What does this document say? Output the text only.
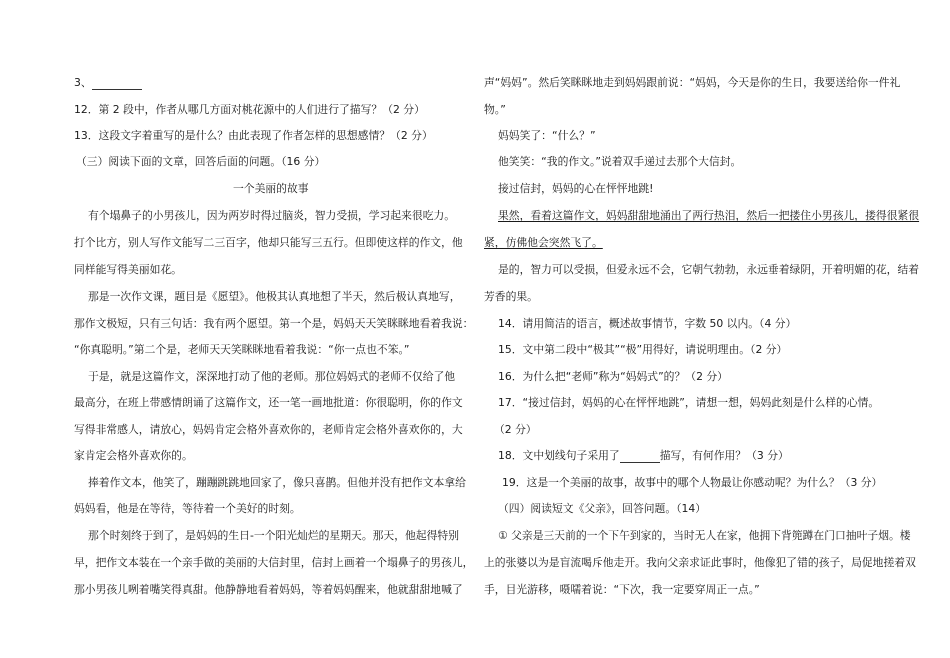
3、
12．第 2 段中，作者从哪几方面对桃花源中的人们进行了描写？（2 分）
13．这段文字着重写的是什么？由此表现了作者怎样的思想感情？（2 分）
（三）阅读下面的文章，回答后面的问题。（16 分）
一个美丽的故事
有个塌鼻子的小男孩儿，因为两岁时得过脑炎，智力受损，学习起来很吃力。
打个比方，别人写作文能写二三百字，他却只能写三五行。但即使这样的作文，他
同样能写得美丽如花。
那是一次作文课，题目是《愿望》。他极其认真地想了半天，然后极认真地写，
那作文极短，只有三句话：我有两个愿望。第一个是，妈妈天天笑眯眯地看着我说：
“你真聪明。”第二个是，老师天天笑眯眯地看着我说：“你一点也不笨。”
于是，就是这篇作文，深深地打动了他的老师。那位妈妈式的老师不仅给了他
最高分，在班上带感情朗诵了这篇作文，还一笔一画地批道：你很聪明，你的作文
写得非常感人，请放心，妈妈肯定会格外喜欢你的，老师肯定会格外喜欢你的，大
家肯定会格外喜欢你的。
捧着作文本，他笑了，蹦蹦跳跳地回家了，像只喜鹊。但他并没有把作文本拿给
妈妈看，他是在等待，等待着一个美好的时刻。
那个时刻终于到了，是妈妈的生日-一个阳光灿烂的星期天。那天，他起得特别
早，把作文本装在一个亲手做的美丽的大信封里，信封上画着一个塌鼻子的男孩儿，
那小男孩儿咧着嘴笑得真甜。他静静地看着妈妈，等着妈妈醒来，他就甜甜地喊了
声“妈妈”。然后笑眯眯地走到妈妈跟前说：“妈妈，今天是你的生日，我要送给你一件礼
物。”
妈妈笑了：“什么？”
他笑笑：“我的作文。”说着双手递过去那个大信封。
接过信封，妈妈的心在怦怦地跳!
果然，看着这篇作文，妈妈甜甜地涌出了两行热泪，然后一把搂住小男孩儿，搂得很紧很
紧，仿佛他会突然飞了。
是的，智力可以受损，但爱永远不会，它朝气勃勃，永远垂着绿阴，开着明媚的花，结着
芳香的果。
14．请用简洁的语言，概述故事情节，字数 50 以内。（4 分）
15．文中第二段中“极其”“极”用得好，请说明理由。（2 分）
16．为什么把“老师”称为“妈妈式”的？（2 分）
17．“接过信封，妈妈的心在怦怦地跳”，请想一想，妈妈此刻是什么样的心情。
（2 分）
18．文中划线句子采用了	描写，有何作用？（3 分）
19．这是一个美丽的故事，故事中的哪个人物最让你感动呢？为什么？（3 分）
（四）阅读短文《父亲》，回答问题。（14）
① 父亲是三天前的一个下午到家的，当时无人在家，他拥下背篼蹲在门口抽叶子烟。楼
上的张婆以为是盲流喝斥他走开。我向父亲求证此事时，他像犯了错的孩子，局促地搓着双
手，目光游移，嗫嚅着说：“下次，我一定要穿周正一点。”
